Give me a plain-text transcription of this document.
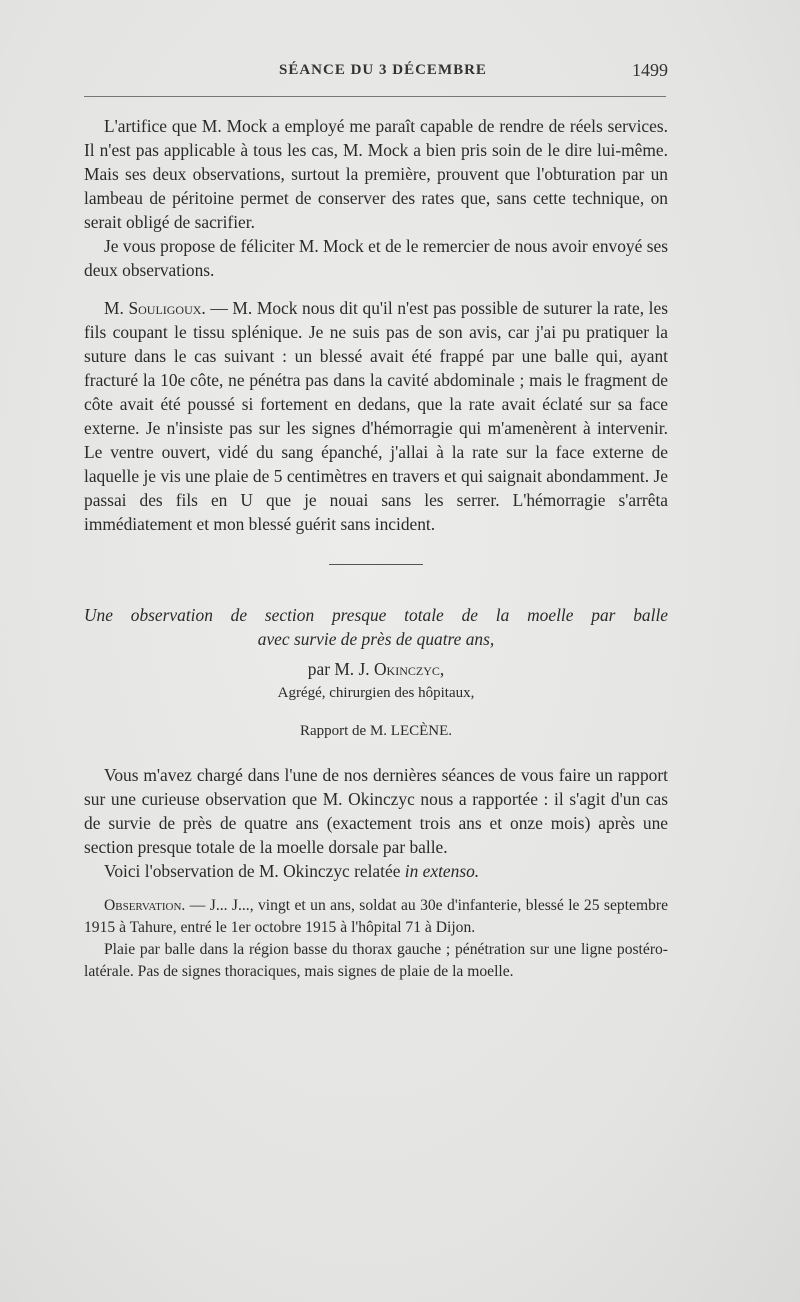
SÉANCE DU 3 DÉCEMBRE	1499

L'artifice que M. Mock a employé me paraît capable de rendre de réels services. Il n'est pas applicable à tous les cas, M. Mock a bien pris soin de le dire lui-même. Mais ses deux observations, surtout la première, prouvent que l'obturation par un lambeau de péritoine permet de conserver des rates que, sans cette technique, on serait obligé de sacrifier.

Je vous propose de féliciter M. Mock et de le remercier de nous avoir envoyé ses deux observations.

M. Souligoux. — M. Mock nous dit qu'il n'est pas possible de suturer la rate, les fils coupant le tissu splénique. Je ne suis pas de son avis, car j'ai pu pratiquer la suture dans le cas suivant : un blessé avait été frappé par une balle qui, ayant fracturé la 10e côte, ne pénétra pas dans la cavité abdominale ; mais le fragment de côte avait été poussé si fortement en dedans, que la rate avait éclaté sur sa face externe. Je n'insiste pas sur les signes d'hémorragie qui m'amenèrent à intervenir. Le ventre ouvert, vidé du sang épanché, j'allai à la rate sur la face externe de laquelle je vis une plaie de 5 centimètres en travers et qui saignait abondamment. Je passai des fils en U que je nouai sans les serrer. L'hémorragie s'arrêta immédiatement et mon blessé guérit sans incident.

Une observation de section presque totale de la moelle par balle
avec survie de près de quatre ans,
par M. J. Okinczyc,
Agrégé, chirurgien des hôpitaux,
Rapport de M. LECÈNE.

Vous m'avez chargé dans l'une de nos dernières séances de vous faire un rapport sur une curieuse observation que M. Okinczyc nous a rapportée : il s'agit d'un cas de survie de près de quatre ans (exactement trois ans et onze mois) après une section presque totale de la moelle dorsale par balle.

Voici l'observation de M. Okinczyc relatée in extenso.

Observation. — J... J..., vingt et un ans, soldat au 30e d'infanterie, blessé le 25 septembre 1915 à Tahure, entré le 1er octobre 1915 à l'hôpital 71 à Dijon.

Plaie par balle dans la région basse du thorax gauche ; pénétration sur une ligne postéro-latérale. Pas de signes thoraciques, mais signes de plaie de la moelle.
